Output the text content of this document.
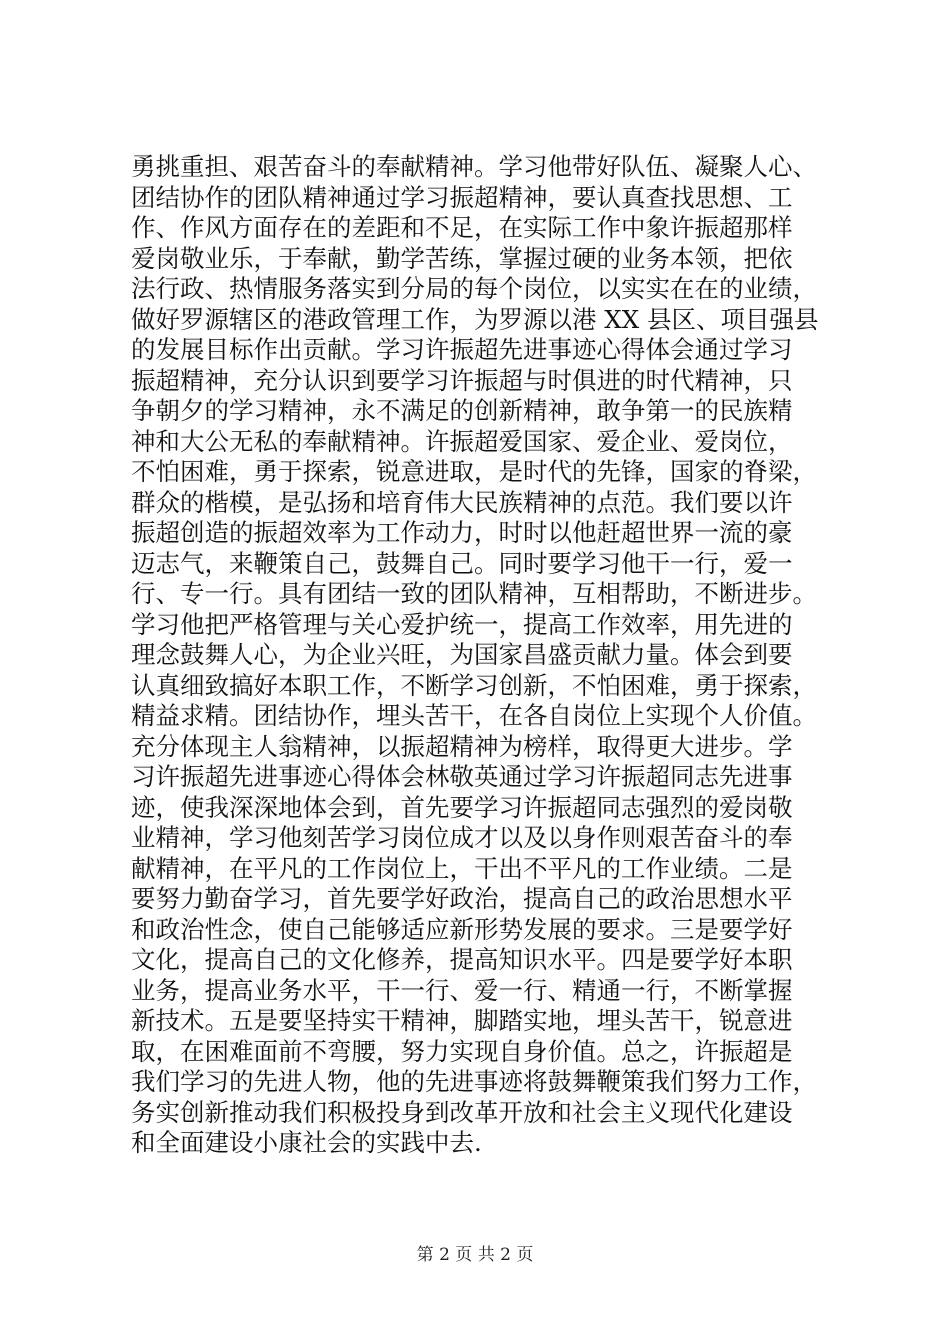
勇挑重担、艰苦奋斗的奉献精神。学习他带好队伍、凝聚人心、
团结协作的团队精神通过学习振超精神，要认真查找思想、工
作、作风方面存在的差距和不足，在实际工作中象许振超那样
爱岗敬业乐，于奉献，勤学苦练，掌握过硬的业务本领，把依
法行政、热情服务落实到分局的每个岗位，以实实在在的业绩，
做好罗源辖区的港政管理工作，为罗源以港 XX 县区、项目强县
的发展目标作出贡献。学习许振超先进事迹心得体会通过学习
振超精神，充分认识到要学习许振超与时俱进的时代精神，只
争朝夕的学习精神，永不满足的创新精神，敢争第一的民族精
神和大公无私的奉献精神。许振超爱国家、爱企业、爱岗位，
不怕困难，勇于探索，锐意进取，是时代的先锋，国家的脊梁，
群众的楷模，是弘扬和培育伟大民族精神的点范。我们要以许
振超创造的振超效率为工作动力，时时以他赶超世界一流的豪
迈志气，来鞭策自己，鼓舞自己。同时要学习他干一行，爱一
行、专一行。具有团结一致的团队精神，互相帮助，不断进步。
学习他把严格管理与关心爱护统一，提高工作效率，用先进的
理念鼓舞人心，为企业兴旺，为国家昌盛贡献力量。体会到要
认真细致搞好本职工作，不断学习创新，不怕困难，勇于探索，
精益求精。团结协作，埋头苦干，在各自岗位上实现个人价值。
充分体现主人翁精神，以振超精神为榜样，取得更大进步。学
习许振超先进事迹心得体会林敬英通过学习许振超同志先进事
迹，使我深深地体会到，首先要学习许振超同志强烈的爱岗敬
业精神，学习他刻苦学习岗位成才以及以身作则艰苦奋斗的奉
献精神，在平凡的工作岗位上，干出不平凡的工作业绩。二是
要努力勤奋学习，首先要学好政治，提高自己的政治思想水平
和政治性念，使自己能够适应新形势发展的要求。三是要学好
文化，提高自己的文化修养，提高知识水平。四是要学好本职
业务，提高业务水平，干一行、爱一行、精通一行，不断掌握
新技术。五是要坚持实干精神，脚踏实地，埋头苦干，锐意进
取，在困难面前不弯腰，努力实现自身价值。总之，许振超是
我们学习的先进人物，他的先进事迹将鼓舞鞭策我们努力工作，
务实创新推动我们积极投身到改革开放和社会主义现代化建设
和全面建设小康社会的实践中去.
第 2 页 共 2 页
